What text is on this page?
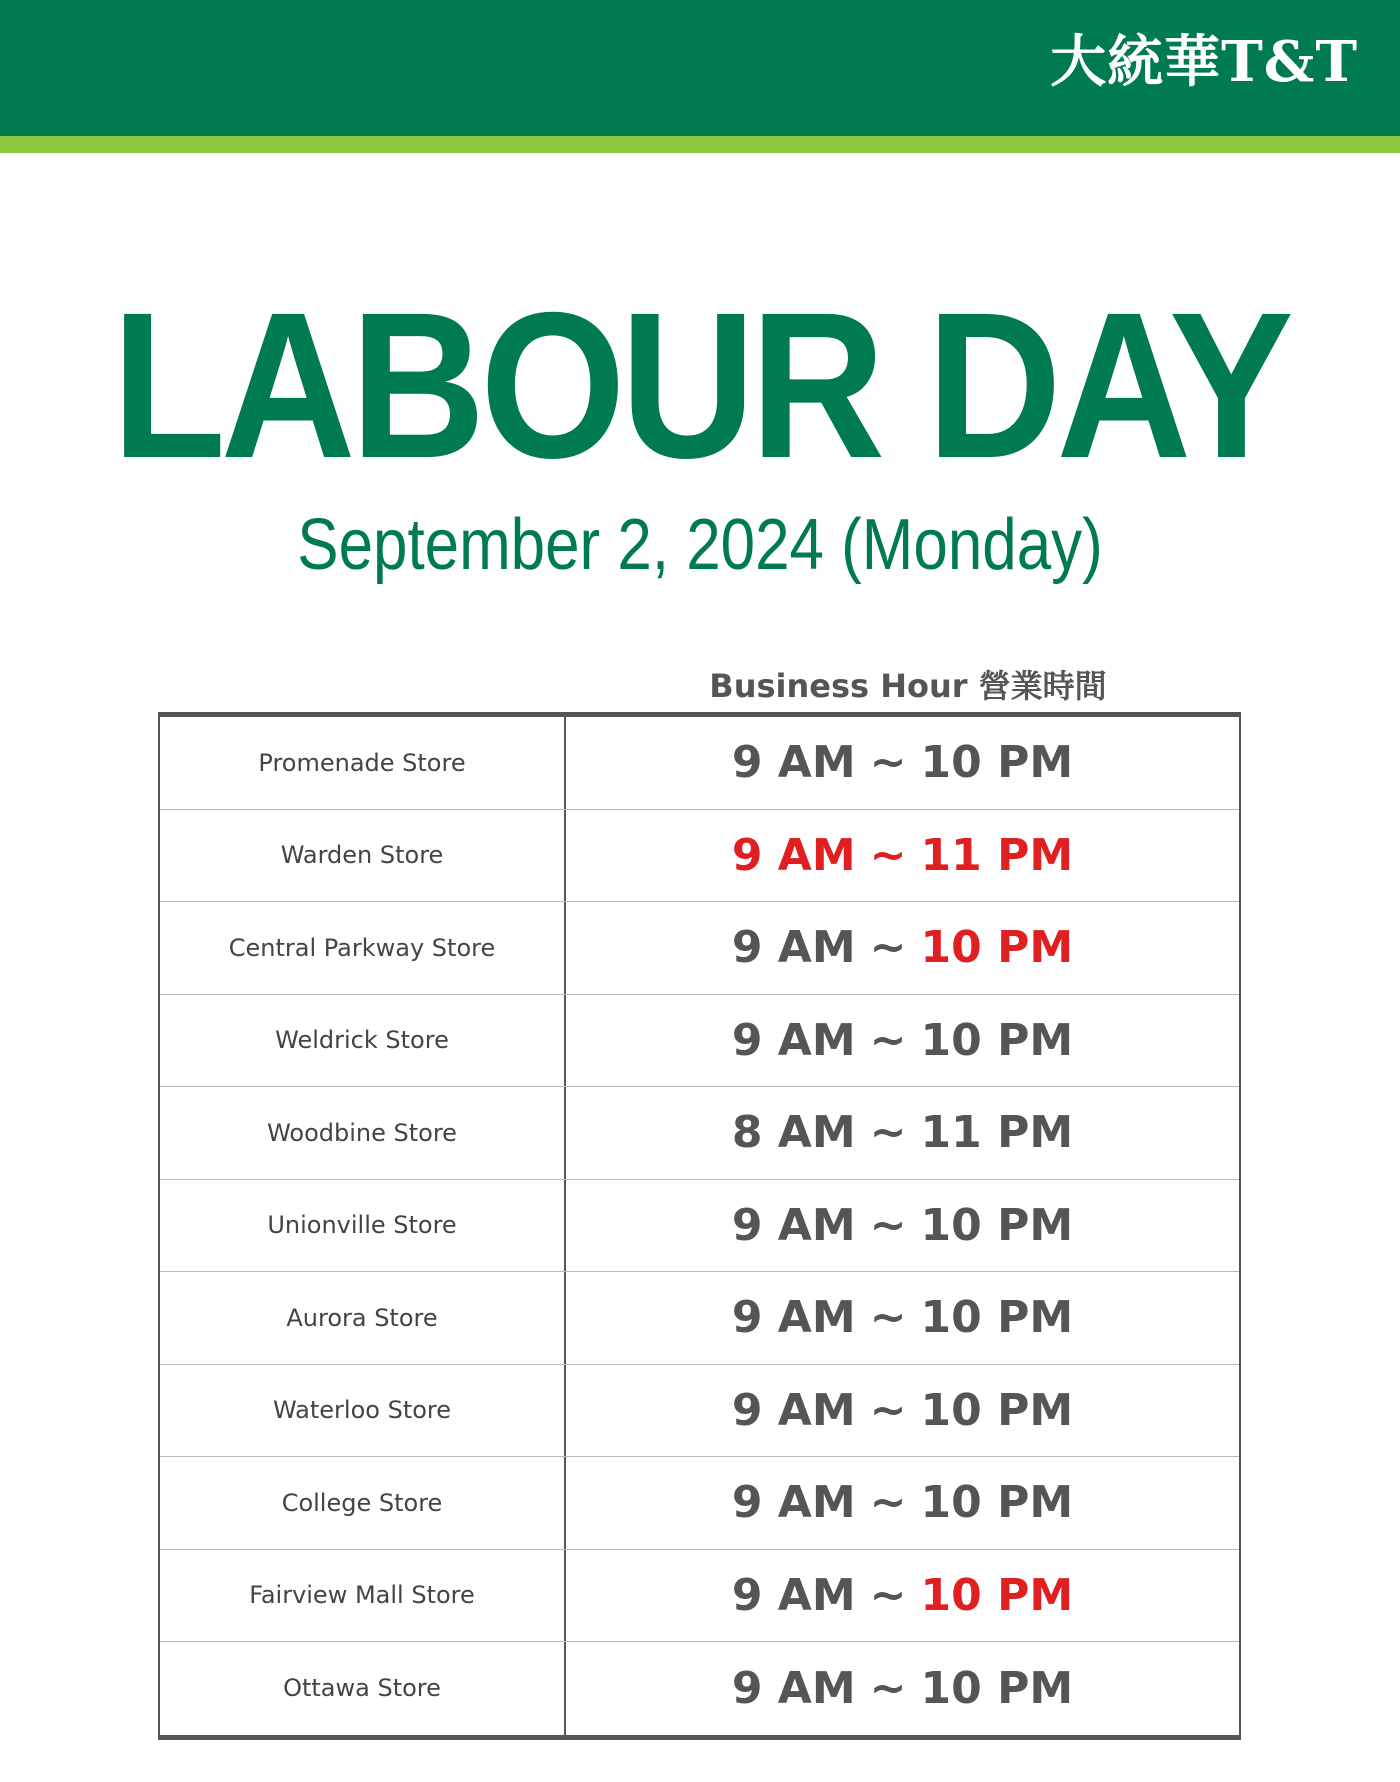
大統華T&T
LABOUR DAY
September 2, 2024 (Monday)
Business Hour 營業時間
Promenade Store	9 AM ~ 10 PM
Warden Store	9 AM ~ 11 PM
Central Parkway Store	9 AM ~ 10 PM
Weldrick Store	9 AM ~ 10 PM
Woodbine Store	8 AM ~ 11 PM
Unionville Store	9 AM ~ 10 PM
Aurora Store	9 AM ~ 10 PM
Waterloo Store	9 AM ~ 10 PM
College Store	9 AM ~ 10 PM
Fairview Mall Store	9 AM ~ 10 PM
Ottawa Store	9 AM ~ 10 PM
